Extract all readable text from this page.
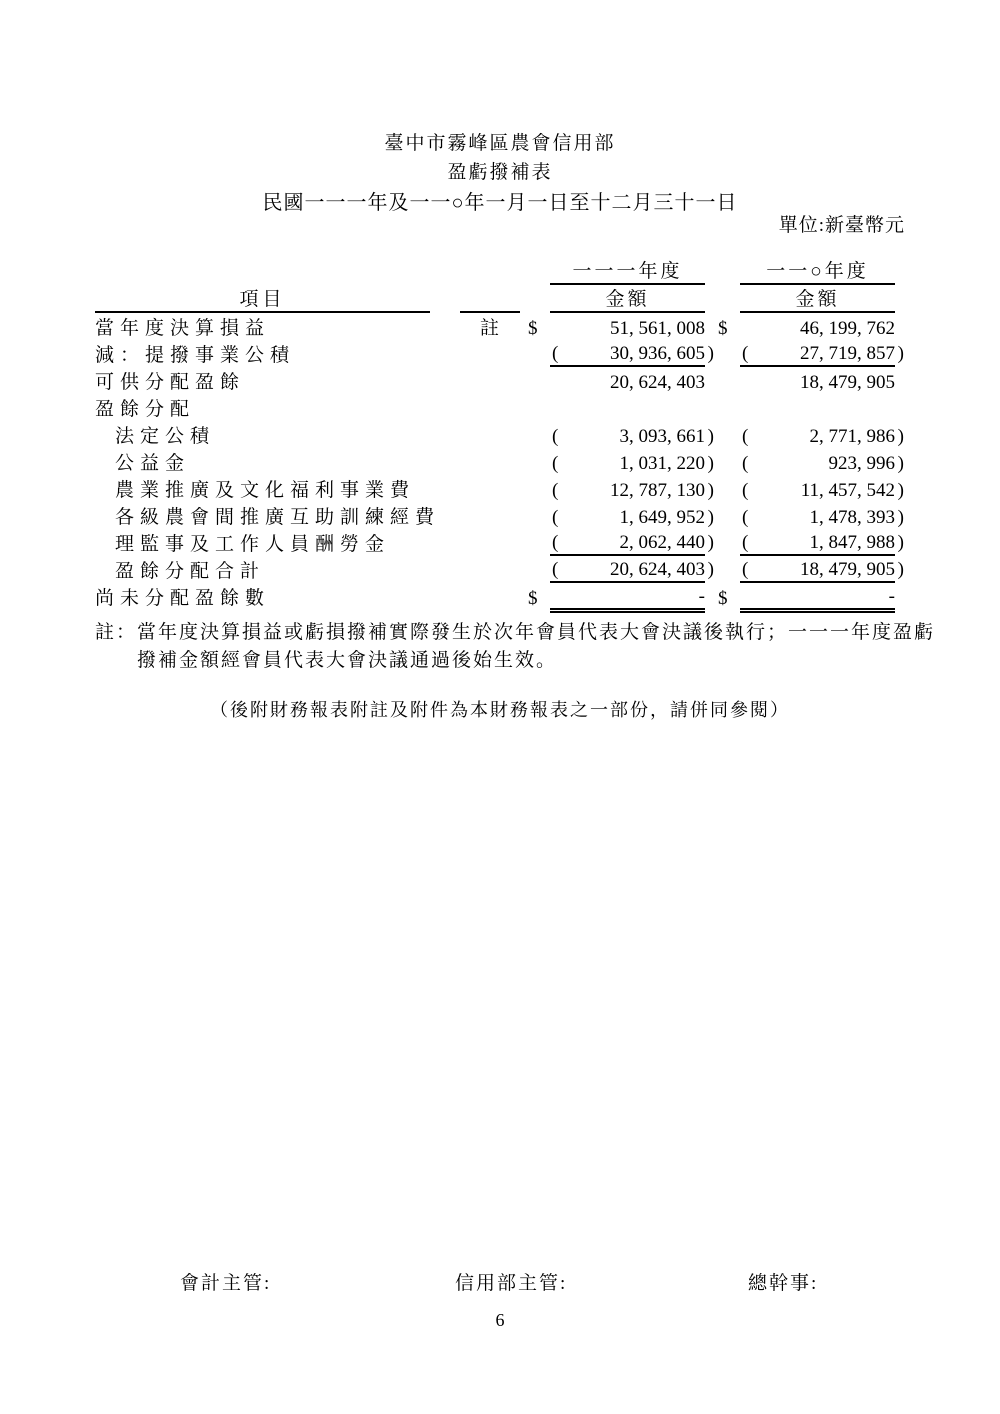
臺中市霧峰區農會信用部
盈虧撥補表
民國一一一年及一一○年一月一日至十二月三十一日
單位:新臺幣元
一一一年度	一一○年度
項目	金額	金額
當年度決算損益	註	$	51, 561, 008 $	46, 199, 762
減：提撥事業公積	(	30, 936, 605 ) (	27, 719, 857 )
可供分配盈餘	20, 624, 403	18, 479, 905
盈餘分配
法定公積	(	3, 093, 661 ) (	2, 771, 986 )
公益金	(	1, 031, 220 ) (	923, 996 )
農業推廣及文化福利事業費	(	12, 787, 130 ) (	11, 457, 542 )
各級農會間推廣互助訓練經費	(	1, 649, 952 ) (	1, 478, 393 )
理監事及工作人員酬勞金	(	2, 062, 440 ) (	1, 847, 988 )
盈餘分配合計	(	20, 624, 403 ) (	18, 479, 905 )
尚未分配盈餘數	$	- $	-
註：當年度決算損益或虧損撥補實際發生於次年會員代表大會決議後執行；一一一年度盈虧
撥補金額經會員代表大會決議通過後始生效。
（後附財務報表附註及附件為本財務報表之一部份，請併同參閱）
會計主管:	信用部主管:	總幹事:
6
